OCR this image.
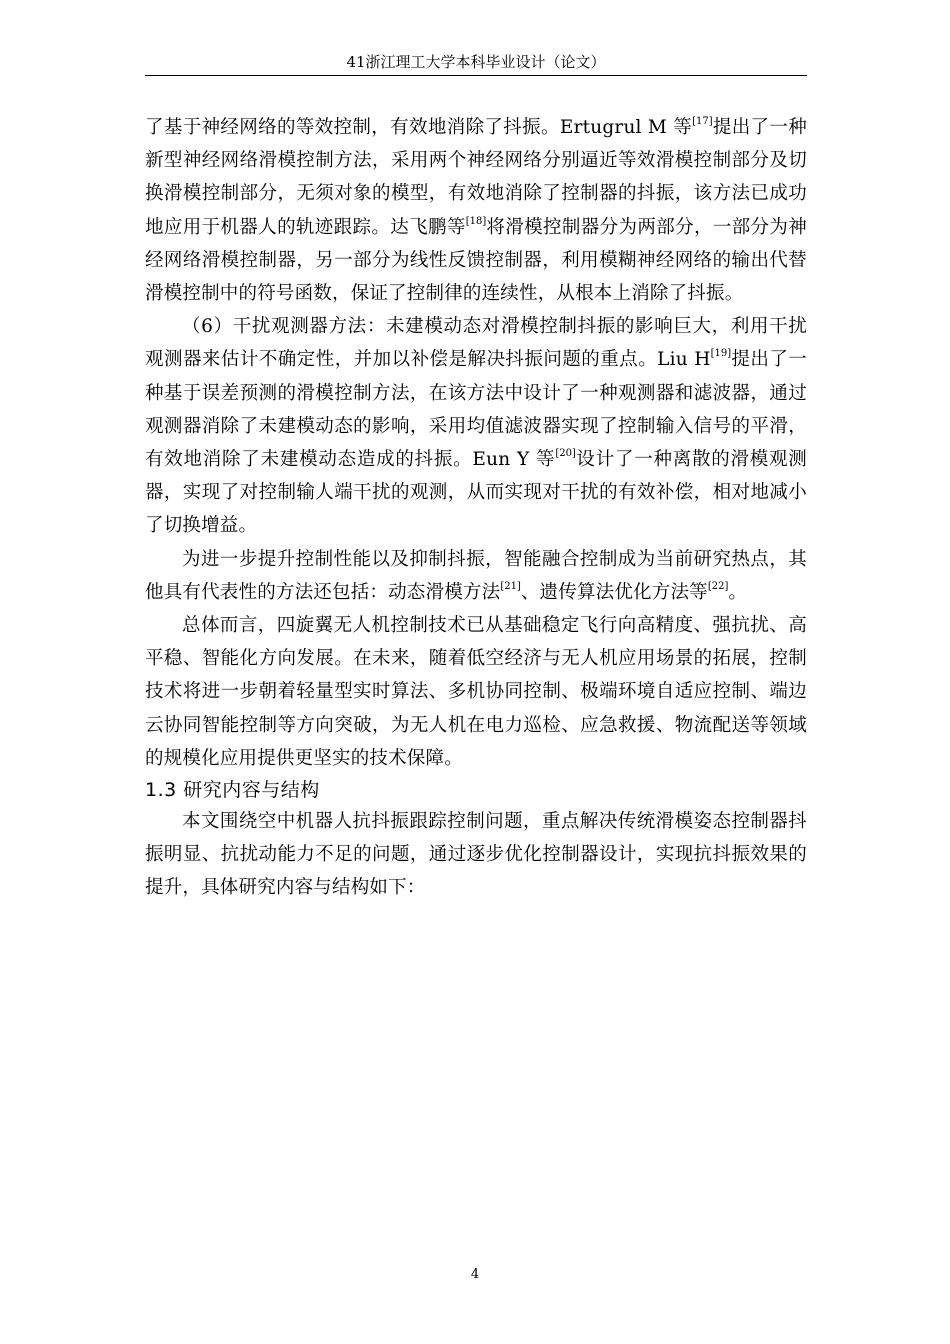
41浙江理工大学本科毕业设计（论文）

了基于神经网络的等效控制，有效地消除了抖振。Ertugrul M 等[17]提出了一种新型神经网络滑模控制方法，采用两个神经网络分别逼近等效滑模控制部分及切换滑模控制部分，无须对象的模型，有效地消除了控制器的抖振，该方法已成功地应用于机器人的轨迹跟踪。达飞鹏等[18]将滑模控制器分为两部分，一部分为神经网络滑模控制器，另一部分为线性反馈控制器，利用模糊神经网络的输出代替滑模控制中的符号函数，保证了控制律的连续性，从根本上消除了抖振。

（6）干扰观测器方法：未建模动态对滑模控制抖振的影响巨大，利用干扰观测器来估计不确定性，并加以补偿是解决抖振问题的重点。Liu H[19]提出了一种基于误差预测的滑模控制方法，在该方法中设计了一种观测器和滤波器，通过观测器消除了未建模动态的影响，采用均值滤波器实现了控制输入信号的平滑，有效地消除了未建模动态造成的抖振。Eun Y 等[20]设计了一种离散的滑模观测器，实现了对控制输人端干扰的观测，从而实现对干扰的有效补偿，相对地减小了切换增益。

为进一步提升控制性能以及抑制抖振，智能融合控制成为当前研究热点，其他具有代表性的方法还包括：动态滑模方法[21]、遗传算法优化方法等[22]。

总体而言，四旋翼无人机控制技术已从基础稳定飞行向高精度、强抗扰、高平稳、智能化方向发展。在未来，随着低空经济与无人机应用场景的拓展，控制技术将进一步朝着轻量型实时算法、多机协同控制、极端环境自适应控制、端边云协同智能控制等方向突破，为无人机在电力巡检、应急救援、物流配送等领域的规模化应用提供更坚实的技术保障。

1.3 研究内容与结构

本文围绕空中机器人抗抖振跟踪控制问题，重点解决传统滑模姿态控制器抖振明显、抗扰动能力不足的问题，通过逐步优化控制器设计，实现抗抖振效果的提升，具体研究内容与结构如下：

4
